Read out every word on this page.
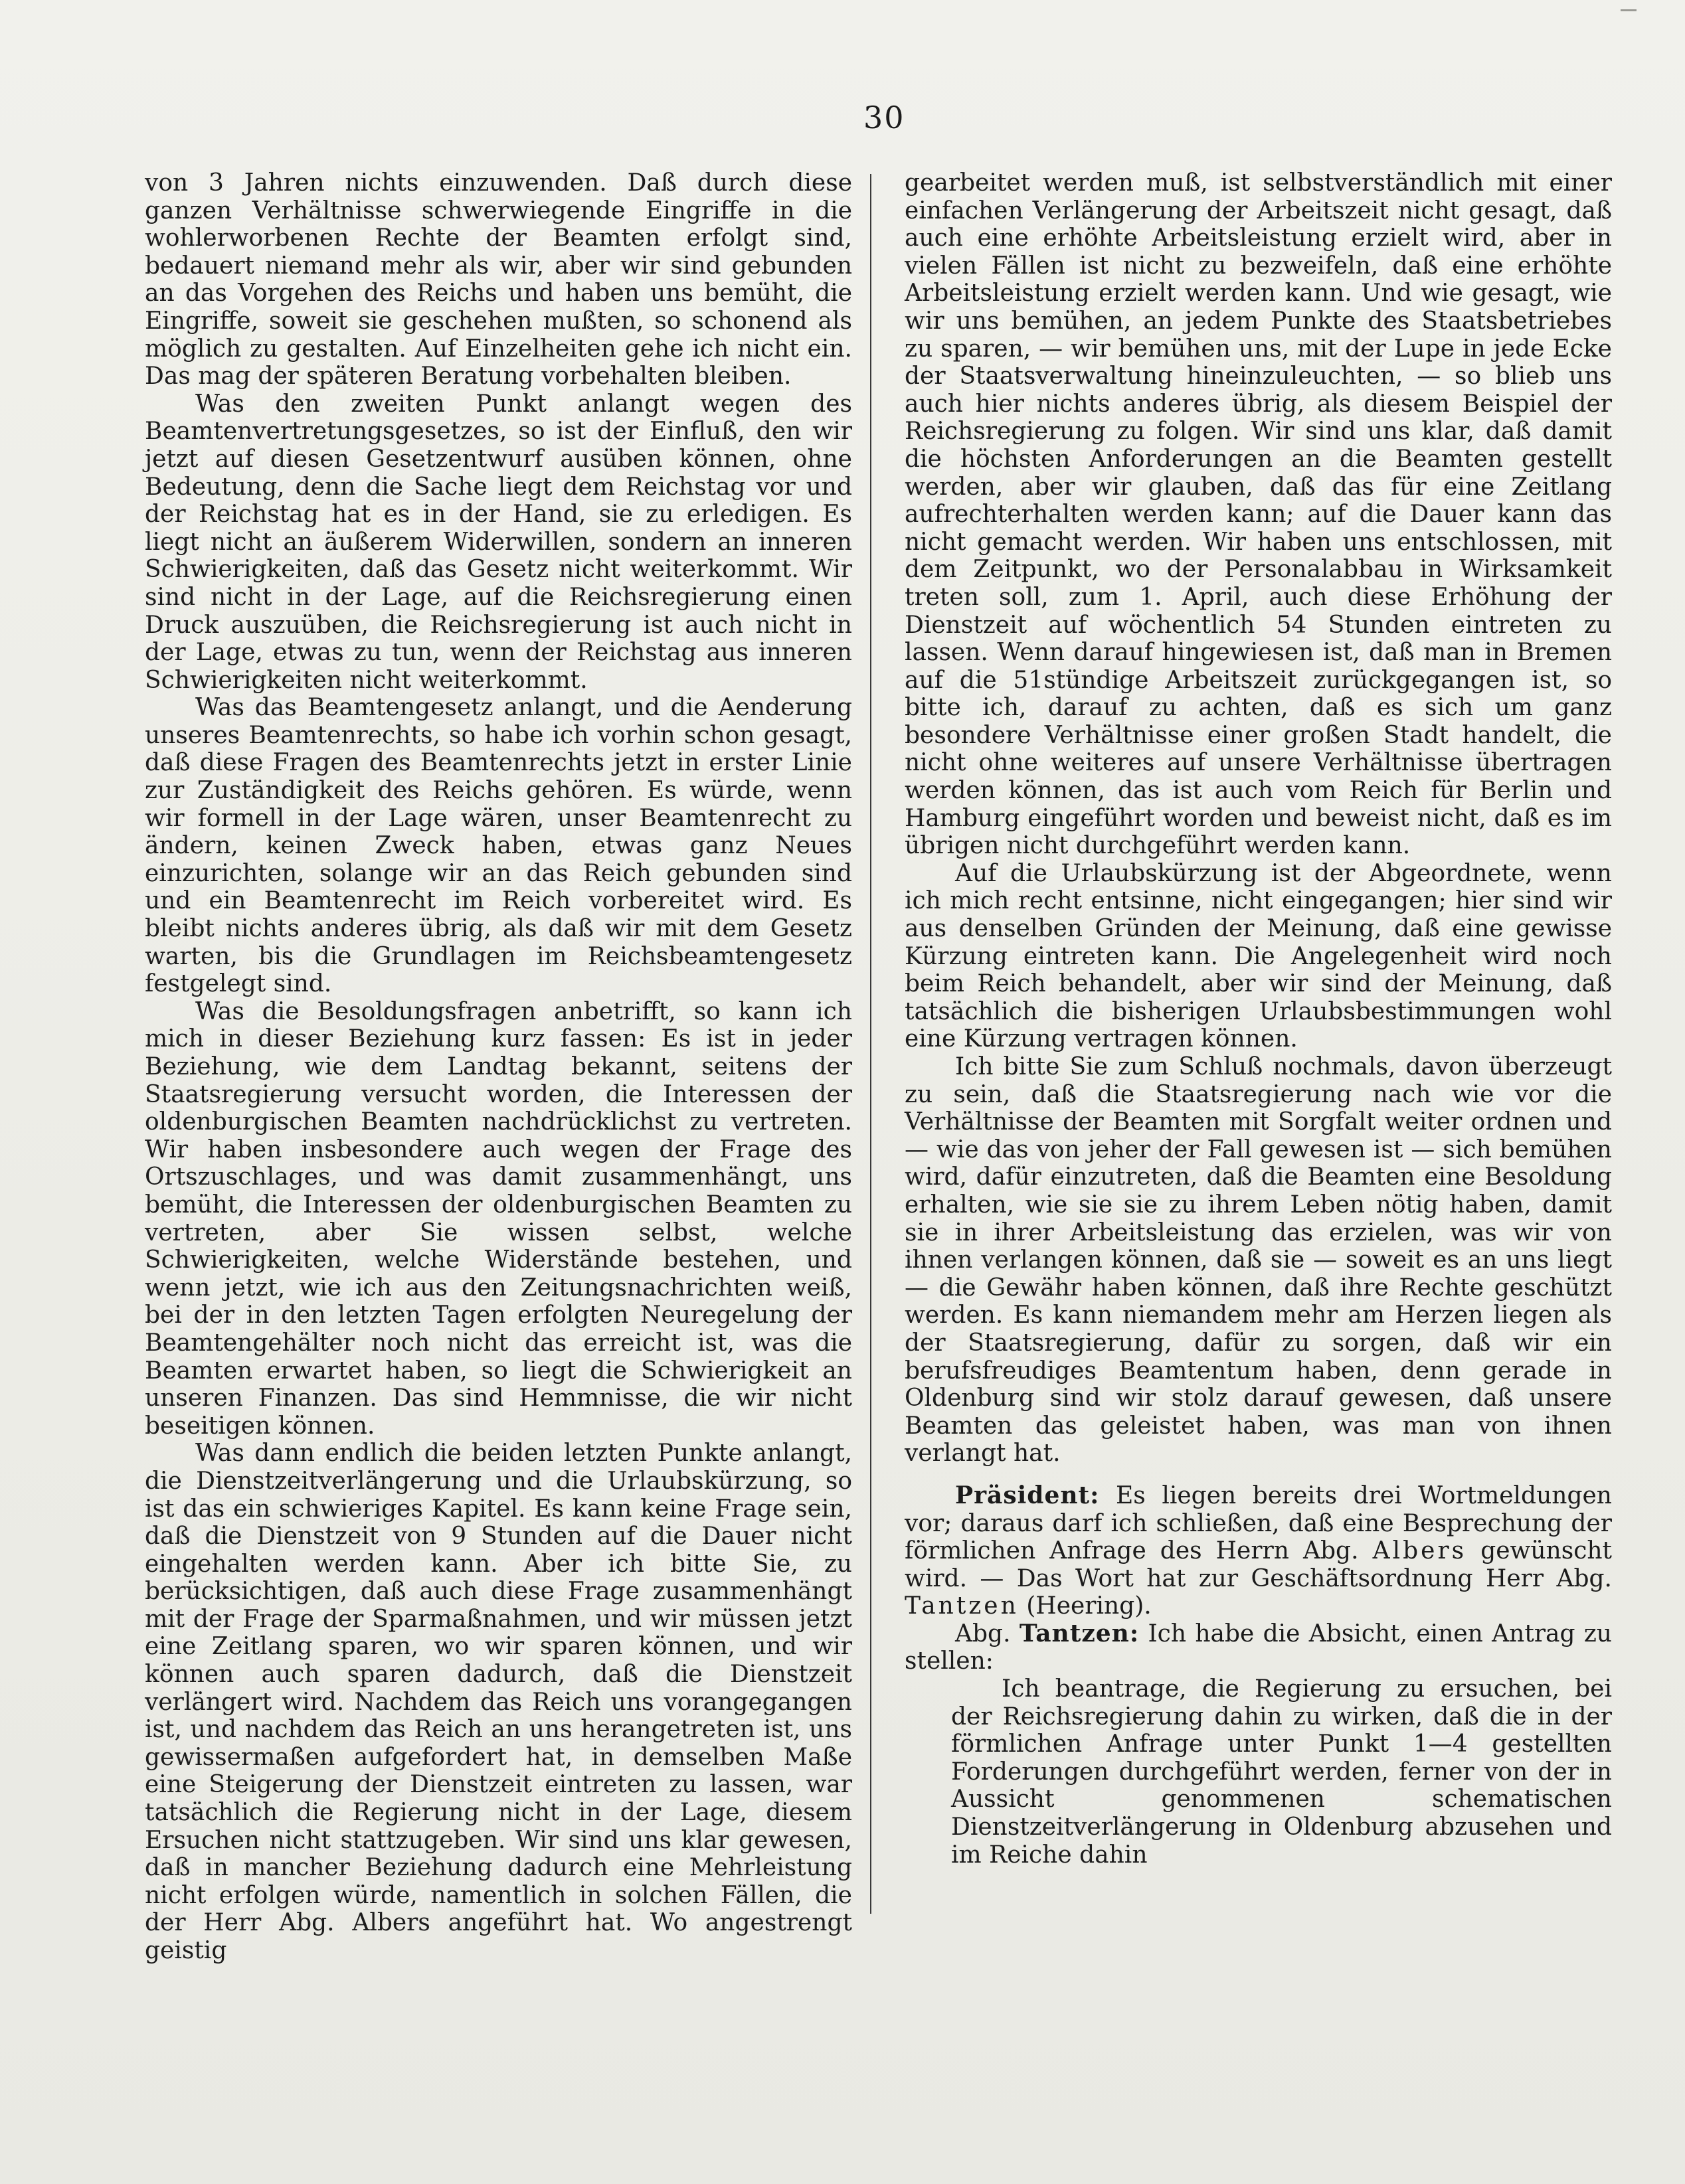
30

von 3 Jahren nichts einzuwenden. Daß durch diese ganzen Verhältnisse schwerwiegende Eingriffe in die wohlerworbenen Rechte der Beamten erfolgt sind, bedauert niemand mehr als wir, aber wir sind gebunden an das Vorgehen des Reichs und haben uns bemüht, die Eingriffe, soweit sie geschehen mußten, so schonend als möglich zu gestalten. Auf Einzelheiten gehe ich nicht ein. Das mag der späteren Beratung vorbehalten bleiben.

Was den zweiten Punkt anlangt wegen des Beamtenvertretungsgesetzes, so ist der Einfluß, den wir jetzt auf diesen Gesetzentwurf ausüben können, ohne Bedeutung, denn die Sache liegt dem Reichstag vor und der Reichstag hat es in der Hand, sie zu erledigen. Es liegt nicht an äußerem Widerwillen, sondern an inneren Schwierigkeiten, daß das Gesetz nicht weiterkommt. Wir sind nicht in der Lage, auf die Reichsregierung einen Druck auszuüben, die Reichsregierung ist auch nicht in der Lage, etwas zu tun, wenn der Reichstag aus inneren Schwierigkeiten nicht weiterkommt.

Was das Beamtengesetz anlangt, und die Aenderung unseres Beamtenrechts, so habe ich vorhin schon gesagt, daß diese Fragen des Beamtenrechts jetzt in erster Linie zur Zuständigkeit des Reichs gehören. Es würde, wenn wir formell in der Lage wären, unser Beamtenrecht zu ändern, keinen Zweck haben, etwas ganz Neues einzurichten, solange wir an das Reich gebunden sind und ein Beamtenrecht im Reich vorbereitet wird. Es bleibt nichts anderes übrig, als daß wir mit dem Gesetz warten, bis die Grundlagen im Reichsbeamtengesetz festgelegt sind.

Was die Besoldungsfragen anbetrifft, so kann ich mich in dieser Beziehung kurz fassen: Es ist in jeder Beziehung, wie dem Landtag bekannt, seitens der Staatsregierung versucht worden, die Interessen der oldenburgischen Beamten nachdrücklichst zu vertreten. Wir haben insbesondere auch wegen der Frage des Ortszuschlages, und was damit zusammenhängt, uns bemüht, die Interessen der oldenburgischen Beamten zu vertreten, aber Sie wissen selbst, welche Schwierigkeiten, welche Widerstände bestehen, und wenn jetzt, wie ich aus den Zeitungsnachrichten weiß, bei der in den letzten Tagen erfolgten Neuregelung der Beamtengehälter noch nicht das erreicht ist, was die Beamten erwartet haben, so liegt die Schwierigkeit an unseren Finanzen. Das sind Hemmnisse, die wir nicht beseitigen können.

Was dann endlich die beiden letzten Punkte anlangt, die Dienstzeitverlängerung und die Urlaubskürzung, so ist das ein schwieriges Kapitel. Es kann keine Frage sein, daß die Dienstzeit von 9 Stunden auf die Dauer nicht eingehalten werden kann. Aber ich bitte Sie, zu berücksichtigen, daß auch diese Frage zusammenhängt mit der Frage der Sparmaßnahmen, und wir müssen jetzt eine Zeitlang sparen, wo wir sparen können, und wir können auch sparen dadurch, daß die Dienstzeit verlängert wird. Nachdem das Reich uns vorangegangen ist, und nachdem das Reich an uns herangetreten ist, uns gewissermaßen aufgefordert hat, in demselben Maße eine Steigerung der Dienstzeit eintreten zu lassen, war tatsächlich die Regierung nicht in der Lage, diesem Ersuchen nicht stattzugeben. Wir sind uns klar gewesen, daß in mancher Beziehung dadurch eine Mehrleistung nicht erfolgen würde, namentlich in solchen Fällen, die der Herr Abg. Albers angeführt hat. Wo angestrengt geistig

gearbeitet werden muß, ist selbstverständlich mit einer einfachen Verlängerung der Arbeitszeit nicht gesagt, daß auch eine erhöhte Arbeitsleistung erzielt wird, aber in vielen Fällen ist nicht zu bezweifeln, daß eine erhöhte Arbeitsleistung erzielt werden kann. Und wie gesagt, wie wir uns bemühen, an jedem Punkte des Staatsbetriebes zu sparen, — wir bemühen uns, mit der Lupe in jede Ecke der Staatsverwaltung hineinzuleuchten, — so blieb uns auch hier nichts anderes übrig, als diesem Beispiel der Reichsregierung zu folgen. Wir sind uns klar, daß damit die höchsten Anforderungen an die Beamten gestellt werden, aber wir glauben, daß das für eine Zeitlang aufrechterhalten werden kann; auf die Dauer kann das nicht gemacht werden. Wir haben uns entschlossen, mit dem Zeitpunkt, wo der Personalabbau in Wirksamkeit treten soll, zum 1. April, auch diese Erhöhung der Dienstzeit auf wöchentlich 54 Stunden eintreten zu lassen. Wenn darauf hingewiesen ist, daß man in Bremen auf die 51stündige Arbeitszeit zurückgegangen ist, so bitte ich, darauf zu achten, daß es sich um ganz besondere Verhältnisse einer großen Stadt handelt, die nicht ohne weiteres auf unsere Verhältnisse übertragen werden können, das ist auch vom Reich für Berlin und Hamburg eingeführt worden und beweist nicht, daß es im übrigen nicht durchgeführt werden kann.

Auf die Urlaubskürzung ist der Abgeordnete, wenn ich mich recht entsinne, nicht eingegangen; hier sind wir aus denselben Gründen der Meinung, daß eine gewisse Kürzung eintreten kann. Die Angelegenheit wird noch beim Reich behandelt, aber wir sind der Meinung, daß tatsächlich die bisherigen Urlaubsbestimmungen wohl eine Kürzung vertragen können.

Ich bitte Sie zum Schluß nochmals, davon überzeugt zu sein, daß die Staatsregierung nach wie vor die Verhältnisse der Beamten mit Sorgfalt weiter ordnen und — wie das von jeher der Fall gewesen ist — sich bemühen wird, dafür einzutreten, daß die Beamten eine Besoldung erhalten, wie sie sie zu ihrem Leben nötig haben, damit sie in ihrer Arbeitsleistung das erzielen, was wir von ihnen verlangen können, daß sie — soweit es an uns liegt — die Gewähr haben können, daß ihre Rechte geschützt werden. Es kann niemandem mehr am Herzen liegen als der Staatsregierung, dafür zu sorgen, daß wir ein berufsfreudiges Beamtentum haben, denn gerade in Oldenburg sind wir stolz darauf gewesen, daß unsere Beamten das geleistet haben, was man von ihnen verlangt hat.

Präsident: Es liegen bereits drei Wortmeldungen vor; daraus darf ich schließen, daß eine Besprechung der förmlichen Anfrage des Herrn Abg. Albers gewünscht wird. — Das Wort hat zur Geschäftsordnung Herr Abg. Tantzen (Heering).

Abg. Tantzen: Ich habe die Absicht, einen Antrag zu stellen:

Ich beantrage, die Regierung zu ersuchen, bei der Reichsregierung dahin zu wirken, daß die in der förmlichen Anfrage unter Punkt 1—4 gestellten Forderungen durchgeführt werden, ferner von der in Aussicht genommenen schematischen Dienstzeitverlängerung in Oldenburg abzusehen und im Reiche dahin
